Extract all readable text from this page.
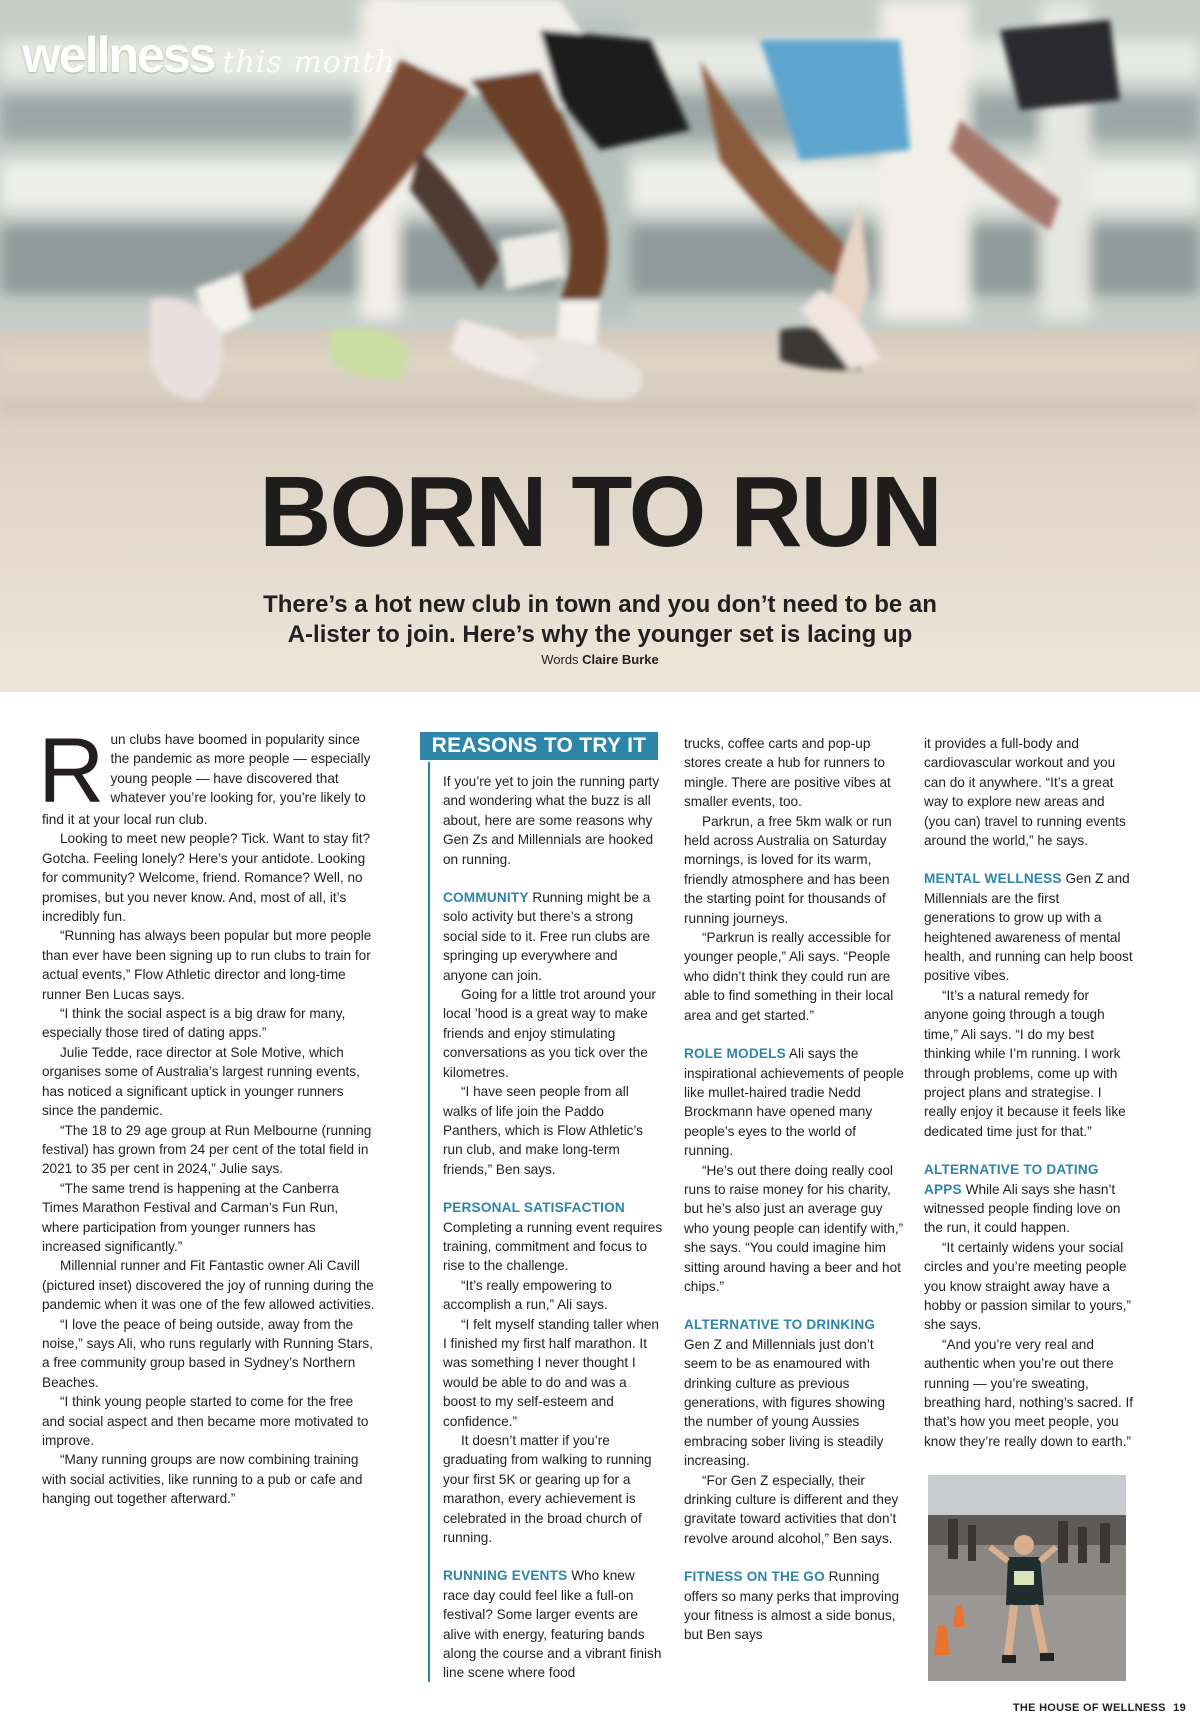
wellness this month
BORN TO RUN

There’s a hot new club in town and you don’t need to be an
A-lister to join. Here’s why the younger set is lacing up

Words Claire Burke
R un clubs have boomed in popularity since

the pandemic as more people — especially

young people — have discovered that

whatever you’re looking for, you’re likely to

find it at your local run club.

Looking to meet new people? Tick. Want to stay fit? Gotcha. Feeling lonely? Here’s your antidote. Looking for community? Welcome, friend. Romance? Well, no promises, but you never know. And, most of all, it’s incredibly fun.

“Running has always been popular but more people than ever have been signing up to run clubs to train for actual events,” Flow Athletic director and long-time runner Ben Lucas says.

“I think the social aspect is a big draw for many, especially those tired of dating apps.”

Julie Tedde, race director at Sole Motive, which organises some of Australia’s largest running events, has noticed a significant uptick in younger runners since the pandemic.

“The 18 to 29 age group at Run Melbourne (running festival) has grown from 24 per cent of the total field in 2021 to 35 per cent in 2024,” Julie says.

“The same trend is happening at the Canberra Times Marathon Festival and Carman’s Fun Run, where participation from younger runners has increased significantly.”

Millennial runner and Fit Fantastic owner Ali Cavill (pictured inset) discovered the joy of running during the pandemic when it was one of the few allowed activities.

“I love the peace of being outside, away from the noise,” says Ali, who runs regularly with Running Stars, a free community group based in Sydney’s Northern Beaches.

“I think young people started to come for the free and social aspect and then became more motivated to improve.

“Many running groups are now combining training with social activities, like running to a pub or cafe and hanging out together afterward.”

REASONS TO TRY IT

If you’re yet to join the running party and wondering what the buzz is all about, here are some reasons why Gen Zs and Millennials are hooked on running.

COMMUNITY Running might be a solo activity but there’s a strong social side to it. Free run clubs are springing up everywhere and anyone can join.

Going for a little trot around your local ’hood is a great way to make friends and enjoy stimulating conversations as you tick over the kilometres.

“I have seen people from all walks of life join the Paddo Panthers, which is Flow Athletic’s run club, and make long-term friends,” Ben says.

PERSONAL SATISFACTION
Completing a running event requires training, commitment and focus to rise to the challenge.

“It’s really empowering to accomplish a run,” Ali says.

“I felt myself standing taller when I finished my first half marathon. It was something I never thought I would be able to do and was a boost to my self-esteem and confidence.”

It doesn’t matter if you’re graduating from walking to running your first 5K or gearing up for a marathon, every achievement is celebrated in the broad church of running.

RUNNING EVENTS Who knew race day could feel like a full-on festival? Some larger events are alive with energy, featuring bands along the course and a vibrant finish line scene where food

trucks, coffee carts and pop-up stores create a hub for runners to mingle. There are positive vibes at smaller events, too.

Parkrun, a free 5km walk or run held across Australia on Saturday mornings, is loved for its warm, friendly atmosphere and has been the starting point for thousands of running journeys.

“Parkrun is really accessible for younger people,” Ali says. “People who didn’t think they could run are able to find something in their local area and get started.”

ROLE MODELS Ali says the inspirational achievements of people like mullet-haired tradie Nedd Brockmann have opened many people’s eyes to the world of running.

“He’s out there doing really cool runs to raise money for his charity, but he’s also just an average guy who young people can identify with,” she says. “You could imagine him sitting around having a beer and hot chips.”

ALTERNATIVE TO DRINKING
Gen Z and Millennials just don’t seem to be as enamoured with drinking culture as previous generations, with figures showing the number of young Aussies embracing sober living is steadily increasing.

“For Gen Z especially, their drinking culture is different and they gravitate toward activities that don’t revolve around alcohol,” Ben says.

FITNESS ON THE GO Running offers so many perks that improving your fitness is almost a side bonus, but Ben says

it provides a full-body and cardiovascular workout and you can do it anywhere. “It’s a great way to explore new areas and (you can) travel to running events around the world,” he says.

MENTAL WELLNESS Gen Z and Millennials are the first generations to grow up with a heightened awareness of mental health, and running can help boost positive vibes.

“It’s a natural remedy for anyone going through a tough time,” Ali says. “I do my best thinking while I’m running. I work through problems, come up with project plans and strategise. I really enjoy it because it feels like dedicated time just for that.”

ALTERNATIVE TO DATING APPS While Ali says she hasn’t witnessed people finding love on the run, it could happen.

“It certainly widens your social circles and you’re meeting people you know straight away have a hobby or passion similar to yours,” she says.

“And you’re very real and authentic when you’re out there running — you’re sweating, breathing hard, nothing’s sacred. If that’s how you meet people, you know they’re really down to earth.”

THE HOUSE OF WELLNESS 19
